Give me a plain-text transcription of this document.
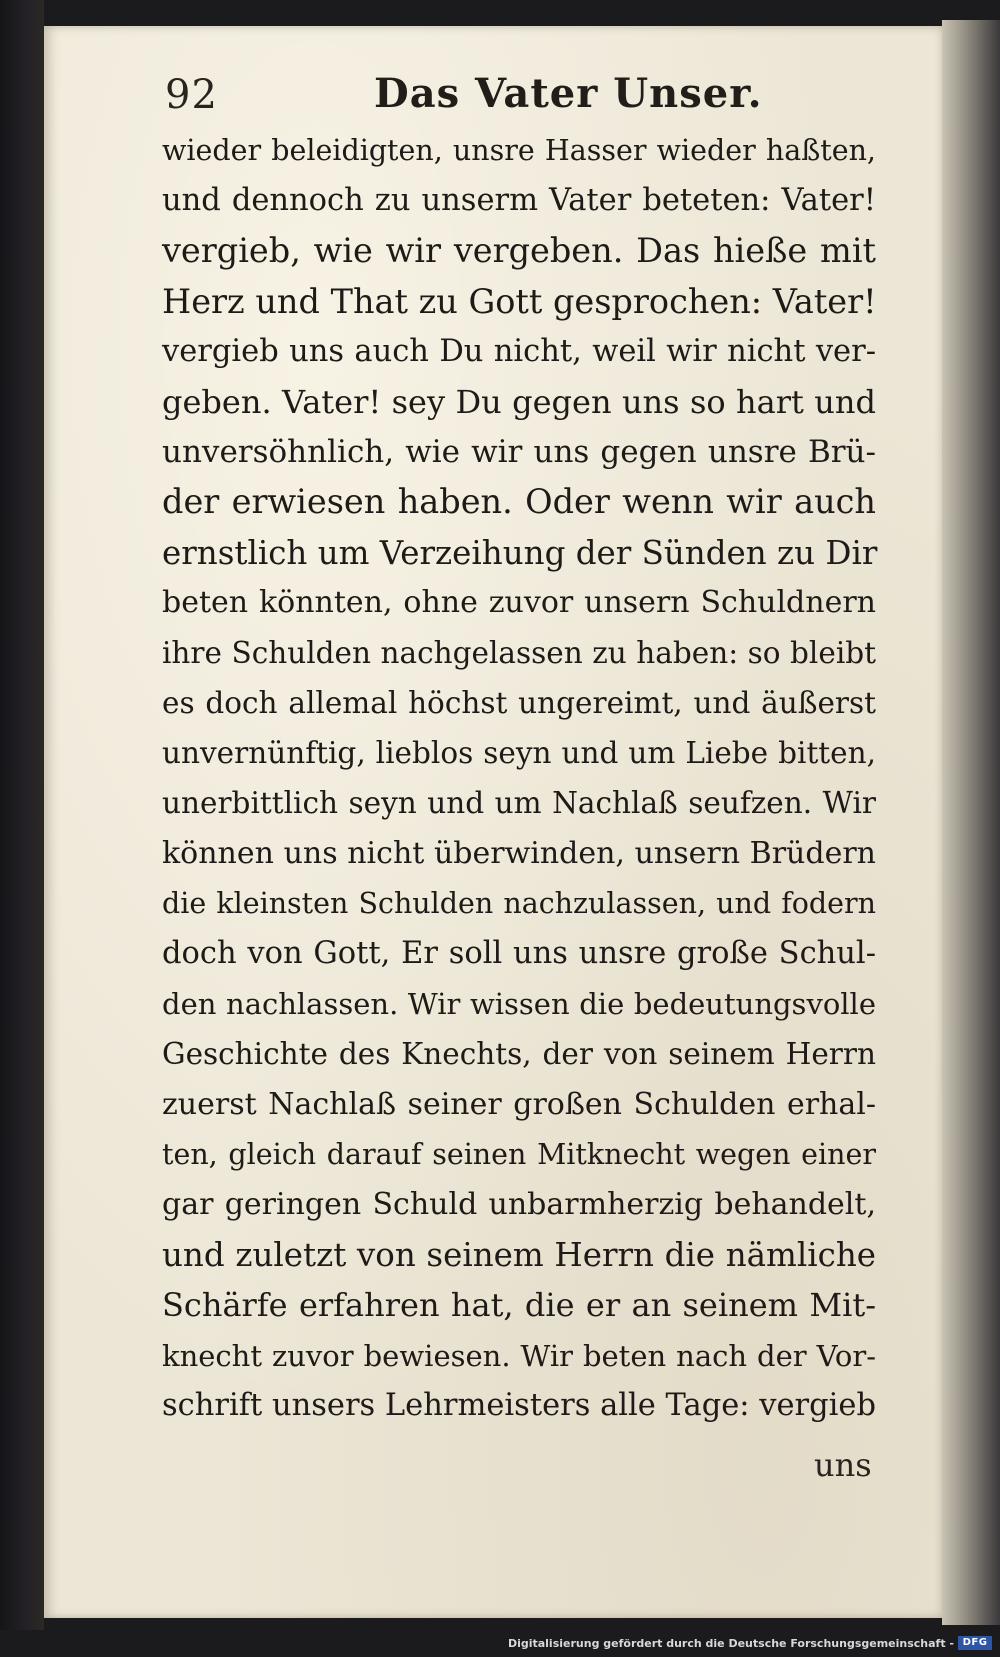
92	Das Vater Unser.
wieder beleidigten, unsre Hasser wieder haßten,
und dennoch zu unserm Vater beteten: Vater!
vergieb, wie wir vergeben. Das hieße mit
Herz und That zu Gott gesprochen: Vater!
vergieb uns auch Du nicht, weil wir nicht ver-
geben. Vater! sey Du gegen uns so hart und
unversöhnlich, wie wir uns gegen unsre Brü-
der erwiesen haben. Oder wenn wir auch
ernstlich um Verzeihung der Sünden zu Dir
beten könnten, ohne zuvor unsern Schuldnern
ihre Schulden nachgelassen zu haben: so bleibt
es doch allemal höchst ungereimt, und äußerst
unvernünftig, lieblos seyn und um Liebe bitten,
unerbittlich seyn und um Nachlaß seufzen. Wir
können uns nicht überwinden, unsern Brüdern
die kleinsten Schulden nachzulassen, und fodern
doch von Gott, Er soll uns unsre große Schul-
den nachlassen. Wir wissen die bedeutungsvolle
Geschichte des Knechts, der von seinem Herrn
zuerst Nachlaß seiner großen Schulden erhal-
ten, gleich darauf seinen Mitknecht wegen einer
gar geringen Schuld unbarmherzig behandelt,
und zuletzt von seinem Herrn die nämliche
Schärfe erfahren hat, die er an seinem Mit-
knecht zuvor bewiesen. Wir beten nach der Vor-
schrift unsers Lehrmeisters alle Tage: vergieb
uns
Digitalisierung gefördert durch die Deutsche Forschungsgemeinschaft - DFG
